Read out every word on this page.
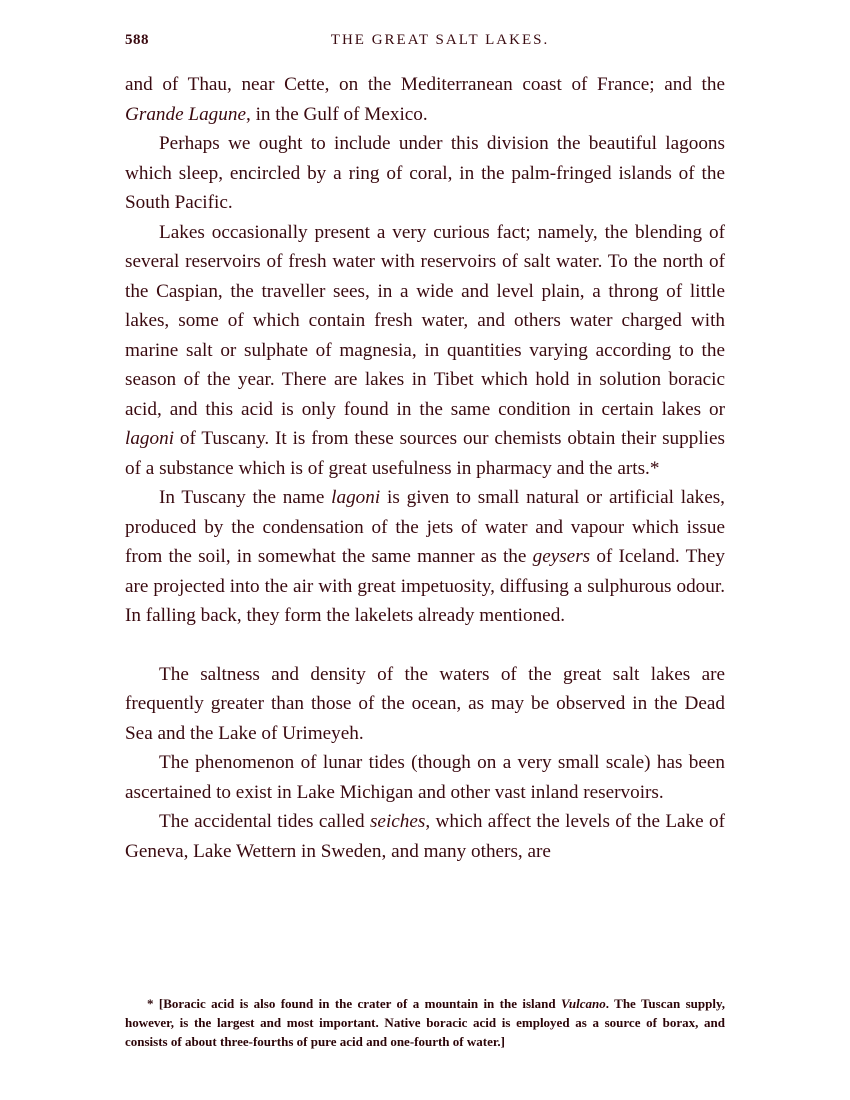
588	THE GREAT SALT LAKES.

and of Thau, near Cette, on the Mediterranean coast of France; and the Grande Lagune, in the Gulf of Mexico.

Perhaps we ought to include under this division the beautiful lagoons which sleep, encircled by a ring of coral, in the palm-fringed islands of the South Pacific.

Lakes occasionally present a very curious fact; namely, the blending of several reservoirs of fresh water with reservoirs of salt water. To the north of the Caspian, the traveller sees, in a wide and level plain, a throng of little lakes, some of which contain fresh water, and others water charged with marine salt or sulphate of magnesia, in quantities varying according to the season of the year. There are lakes in Tibet which hold in solution boracic acid, and this acid is only found in the same condition in certain lakes or lagoni of Tuscany. It is from these sources our chemists obtain their supplies of a substance which is of great usefulness in pharmacy and the arts.*

In Tuscany the name lagoni is given to small natural or artificial lakes, produced by the condensation of the jets of water and vapour which issue from the soil, in somewhat the same manner as the geysers of Iceland. They are projected into the air with great impetuosity, diffusing a sulphurous odour. In falling back, they form the lakelets already mentioned.

The saltness and density of the waters of the great salt lakes are frequently greater than those of the ocean, as may be observed in the Dead Sea and the Lake of Urimeyeh.

The phenomenon of lunar tides (though on a very small scale) has been ascertained to exist in Lake Michigan and other vast inland reservoirs.

The accidental tides called seiches, which affect the levels of the Lake of Geneva, Lake Wettern in Sweden, and many others, are

* [Boracic acid is also found in the crater of a mountain in the island Vulcano. The Tuscan supply, however, is the largest and most important. Native boracic acid is employed as a source of borax, and consists of about three-fourths of pure acid and one-fourth of water.]
